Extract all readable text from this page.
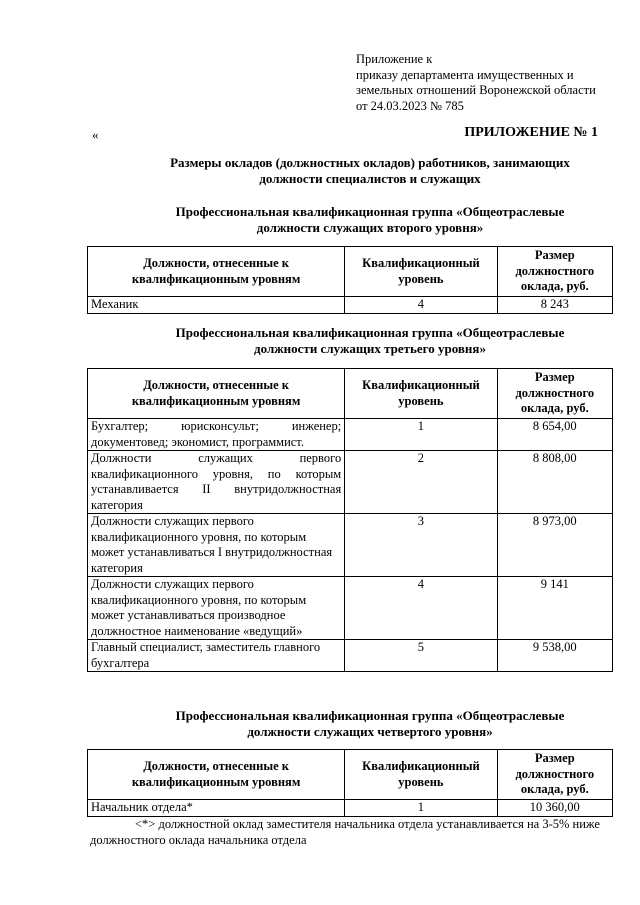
Приложение к
приказу департамента имущественных и
земельных отношений Воронежской области
от 24.03.2023 № 785
«	ПРИЛОЖЕНИЕ № 1
Размеры окладов (должностных окладов) работников, занимающих
должности специалистов и служащих
Профессиональная квалификационная группа «Общеотраслевые
должности служащих второго уровня»
Должности, отнесенные к квалификационным уровням	Квалификационный уровень	Размер должностного оклада, руб.
Механик	4	8 243
Профессиональная квалификационная группа «Общеотраслевые
должности служащих третьего уровня»
Должности, отнесенные к квалификационным уровням	Квалификационный уровень	Размер должностного оклада, руб.
Бухгалтер; юрисконсульт; инженер; документовед; экономист, программист.	1	8 654,00
Должности служащих первого квалификационного уровня, по которым устанавливается II внутридолжностная категория	2	8 808,00
Должности служащих первого квалификационного уровня, по которым может устанавливаться I внутридолжностная категория	3	8 973,00
Должности служащих первого квалификационного уровня, по которым может устанавливаться производное должностное наименование «ведущий»	4	9 141
Главный специалист, заместитель главного бухгалтера	5	9 538,00
Профессиональная квалификационная группа «Общеотраслевые
должности служащих четвертого уровня»
Должности, отнесенные к квалификационным уровням	Квалификационный уровень	Размер должностного оклада, руб.
Начальник отдела*	1	10 360,00
<*> должностной оклад заместителя начальника отдела устанавливается на 3-5% ниже должностного оклада начальника отдела
